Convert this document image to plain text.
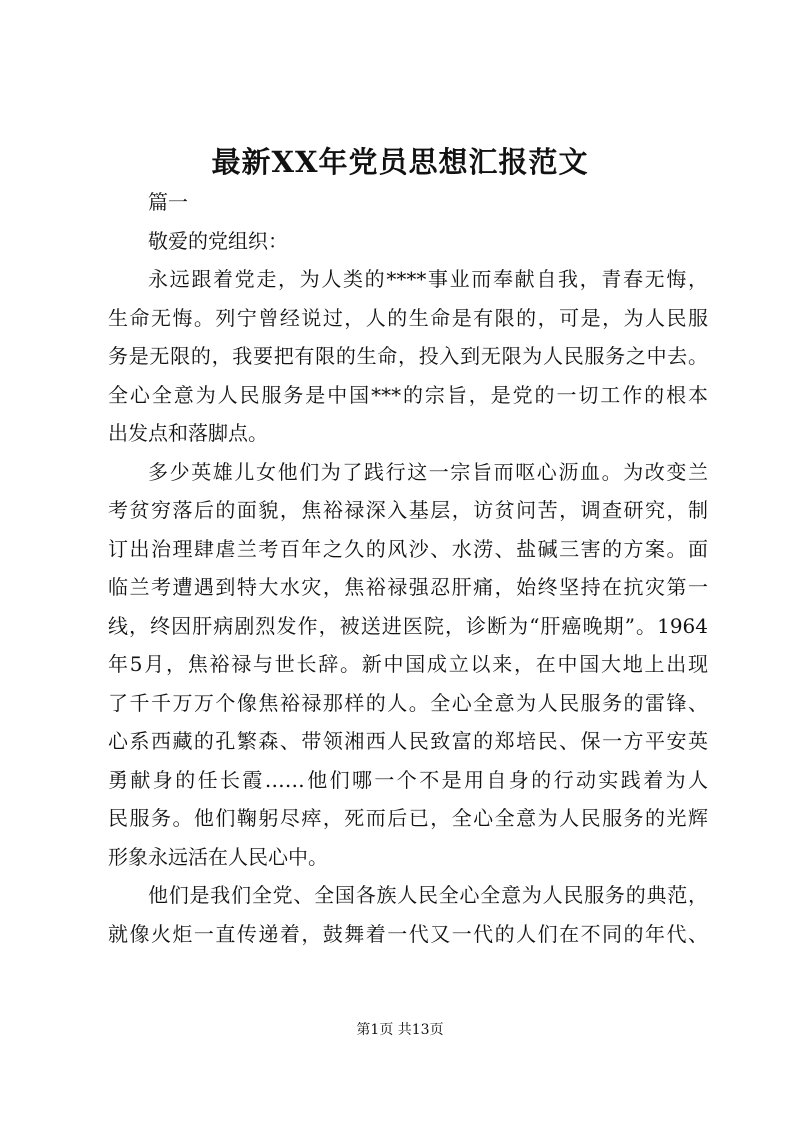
最新XX年党员思想汇报范文
篇一
敬爱的党组织：
永远跟着党走，为人类的****事业而奉献自我，青春无悔，
生命无悔。列宁曾经说过，人的生命是有限的，可是，为人民服
务是无限的，我要把有限的生命，投入到无限为人民服务之中去。
全心全意为人民服务是中国***的宗旨，是党的一切工作的根本
出发点和落脚点。
多少英雄儿女他们为了践行这一宗旨而呕心沥血。为改变兰
考贫穷落后的面貌，焦裕禄深入基层，访贫问苦，调查研究，制
订出治理肆虐兰考百年之久的风沙、水涝、盐碱三害的方案。面
临兰考遭遇到特大水灾，焦裕禄强忍肝痛，始终坚持在抗灾第一
线，终因肝病剧烈发作，被送进医院，诊断为“肝癌晚期”。1964
年5月，焦裕禄与世长辞。新中国成立以来，在中国大地上出现
了千千万万个像焦裕禄那样的人。全心全意为人民服务的雷锋、
心系西藏的孔繁森、带领湘西人民致富的郑培民、保一方平安英
勇献身的任长霞……他们哪一个不是用自身的行动实践着为人
民服务。他们鞠躬尽瘁，死而后已，全心全意为人民服务的光辉
形象永远活在人民心中。
他们是我们全党、全国各族人民全心全意为人民服务的典范，
就像火炬一直传递着，鼓舞着一代又一代的人们在不同的年代、
第1页 共13页
